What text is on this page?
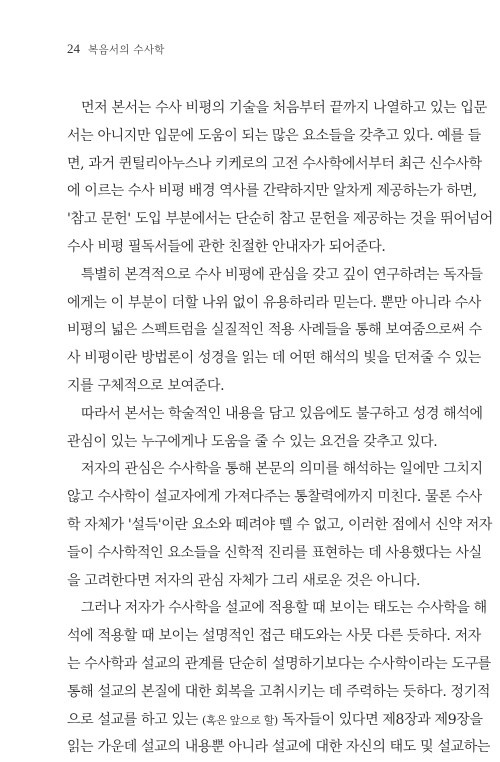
24 복음서의 수사학
먼저 본서는 수사 비평의 기술을 처음부터 끝까지 나열하고 있는 입문
서는 아니지만 입문에 도움이 되는 많은 요소들을 갖추고 있다. 예를 들
면, 과거 퀸틸리아누스나 키케로의 고전 수사학에서부터 최근 신수사학
에 이르는 수사 비평 배경 역사를 간략하지만 알차게 제공하는가 하면,
'참고 문헌' 도입 부분에서는 단순히 참고 문헌을 제공하는 것을 뛰어넘어
수사 비평 필독서들에 관한 친절한 안내자가 되어준다.
특별히 본격적으로 수사 비평에 관심을 갖고 깊이 연구하려는 독자들
에게는 이 부분이 더할 나위 없이 유용하리라 믿는다. 뿐만 아니라 수사
비평의 넓은 스펙트럼을 실질적인 적용 사례들을 통해 보여줌으로써 수
사 비평이란 방법론이 성경을 읽는 데 어떤 해석의 빛을 던져줄 수 있는
지를 구체적으로 보여준다.
따라서 본서는 학술적인 내용을 담고 있음에도 불구하고 성경 해석에
관심이 있는 누구에게나 도움을 줄 수 있는 요건을 갖추고 있다.
저자의 관심은 수사학을 통해 본문의 의미를 해석하는 일에만 그치지
않고 수사학이 설교자에게 가져다주는 통찰력에까지 미친다. 물론 수사
학 자체가 '설득'이란 요소와 떼려야 뗄 수 없고, 이러한 점에서 신약 저자
들이 수사학적인 요소들을 신학적 진리를 표현하는 데 사용했다는 사실
을 고려한다면 저자의 관심 자체가 그리 새로운 것은 아니다.
그러나 저자가 수사학을 설교에 적용할 때 보이는 태도는 수사학을 해
석에 적용할 때 보이는 설명적인 접근 태도와는 사뭇 다른 듯하다. 저자
는 수사학과 설교의 관계를 단순히 설명하기보다는 수사학이라는 도구를
통해 설교의 본질에 대한 회복을 고취시키는 데 주력하는 듯하다. 정기적
으로 설교를 하고 있는 (혹은 앞으로 할) 독자들이 있다면 제8장과 제9장을
읽는 가운데 설교의 내용뿐 아니라 설교에 대한 자신의 태도 및 설교하는
